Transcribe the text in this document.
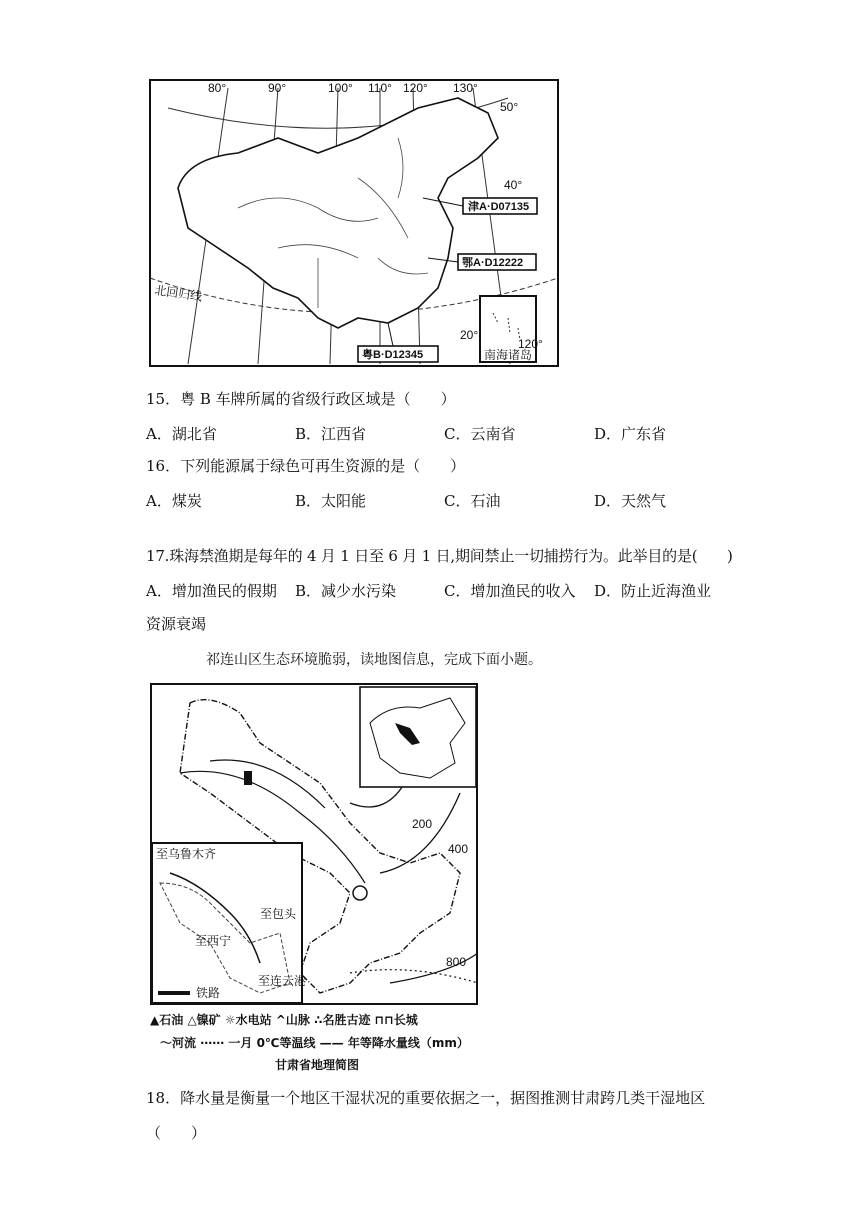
80°	90°	100° 110° 120° 130°
50°
40°
20°
北回归线
津A·D07135
鄂A·D12222
粤B·D12345
120°
南海诸岛
15．粤 B 车牌所属的省级行政区域是（　　）
A．湖北省	B．江西省	C．云南省	D．广东省
16．下列能源属于绿色可再生资源的是（　　）
A．煤炭	B．太阳能	C．石油	D．天然气
17.珠海禁渔期是每年的 4 月 1 日至 6 月 1 日,期间禁止一切捕捞行为。此举目的是(　　)
A．增加渔民的假期 B．减少水污染	C．增加渔民的收入 D．防止近海渔业
资源衰竭
祁连山区生态环境脆弱，读地图信息，完成下面小题。
200
400
800
至乌鲁木齐
至包头
至西宁
至连云港
铁路
▲石油 △镍矿 ☼水电站 ^山脉 ∴名胜古迹 ⊓⊓长城
〜河流 ⋯⋯ 一月 0℃等温线 —— 年等降水量线（mm）
甘肃省地理简图
18．降水量是衡量一个地区干湿状况的重要依据之一，据图推测甘肃跨几类干湿地区
（　　）
